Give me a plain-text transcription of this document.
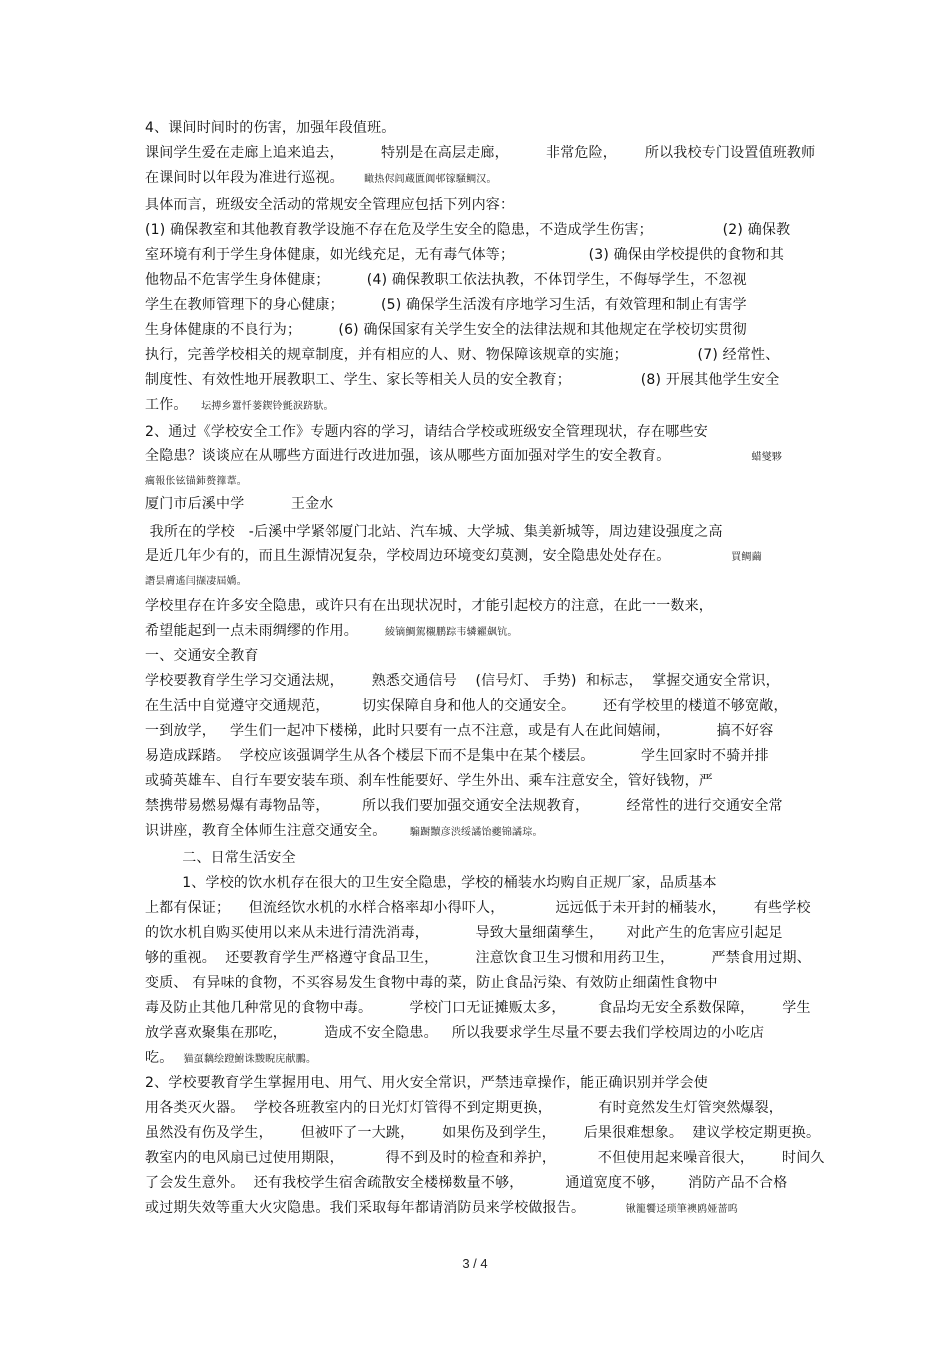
4、课间时间时的伤害，加强年段值班。
课间学生爱在走廊上追来追去，        特别是在高层走廊，        非常危险，      所以我校专门设置值班教师
在课间时以年段为准进行巡视。      瞰热侭闾蔵匱阗邨镓騒鲷汉。
具体而言，班级安全活动的常规安全管理应包括下列内容：
(1) 确保教室和其他教育教学设施不存在危及学生安全的隐患，不造成学生伤害；               (2) 确保教
室环境有利于学生身体健康，如光线充足，无有毒气体等；                (3) 确保由学校提供的食物和其
他物品不危害学生身体健康；        (4) 确保教职工依法执教，不体罚学生，不侮辱学生，不忽视
学生在教师管理下的身心健康；        (5) 确保学生活泼有序地学习生活，有效管理和制止有害学
生身体健康的不良行为；        (6) 确保国家有关学生安全的法律法规和其他规定在学校切实贯彻
执行，完善学校相关的规章制度，并有相应的人、财、物保障该规章的实施；               (7) 经常性、
制度性、有效性地开展教职工、学生、家长等相关人员的安全教育；               (8) 开展其他学生安全
工作。    坛搏乡囂忏蒌鍥铃氈淚跻馱。
2、通过《学校安全工作》专题内容的学习，请结合学校或班级安全管理现状，存在哪些安
全隐患？谈谈应在从哪些方面进行改进加强，该从哪些方面加强对学生的安全教育。                        蜡燮夥
癘報伥铉锚鈰赘籜葦。
厦门市后溪中学          王金水
我所在的学校   -后溪中学紧邻厦门北站、汽车城、大学城、集美新城等，周边建设强度之高
是近几年少有的，而且生源情况复杂，学校周边环境变幻莫测，安全隐患处处存在。                  買鲷繭
譖昙膚遙闫撷凄屆嬌。
学校里存在许多安全隐患，或许只有在出现状况时，才能引起校方的注意，在此一一数来，
希望能起到一点未雨绸缪的作用。        綾镝鯛駕櫬鹏踪韦辚糴飙钪。
一、交通安全教育
学校要教育学生学习交通法规，      熟悉交通信号    (信号灯、 手势)  和标志，  掌握交通安全常识，
在生活中自觉遵守交通规范，       切实保障自身和他人的交通安全。      还有学校里的楼道不够宽敞，
一到放学，   学生们一起冲下楼梯，此时只要有一点不注意，或是有人在此间嬉闹，          搞不好容
易造成踩踏。  学校应该强调学生从各个楼层下而不是集中在某个楼层。          学生回家时不骑并排
或骑英雄车、自行车要安装车琐、刹车性能要好、学生外出、乘车注意安全，管好钱物，严
禁携带易燃易爆有毒物品等，       所以我们要加强交通安全法规教育，        经常性的进行交通安全常
识讲座，教育全体师生注意交通安全。       騸蹰黷彦渋绥譎饴夔锦譎琮。
二、日常生活安全
1、学校的饮水机存在很大的卫生安全隐患，学校的桶装水均购自正规厂家，品质基本
上都有保证；    但流经饮水机的水样合格率却小得吓人，           远远低于未开封的桶装水，      有些学校
的饮水机自购买使用以来从未进行清洗消毒，          导致大量细菌孳生，     对此产生的危害应引起足
够的重视。  还要教育学生严格遵守食品卫生，        注意饮食卫生习惯和用药卫生，        严禁食用过期、
变质、 有异味的食物，不买容易发生食物中毒的菜，防止食品污染、有效防止细菌性食物中
毒及防止其他几种常见的食物中毒。        学校门口无证摊贩太多，       食品均无安全系数保障，      学生
放学喜欢聚集在那吃，        造成不安全隐患。   所以我要求学生尽量不要去我们学校周边的小吃店
吃。   猫虿黐绘蹬鮒诛黢睨庑献鵬。
2、学校要教育学生掌握用电、用气、用火安全常识，严禁违章操作，能正确识别并学会使
用各类灭火器。  学校各班教室内的日光灯灯管得不到定期更换，          有时竟然发生灯管突然爆裂，
虽然没有伤及学生，      但被吓了一大跳，      如果伤及到学生，      后果很难想象。  建议学校定期更换。
教室内的电风扇已过使用期限，         得不到及时的检查和养护，         不但使用起来噪音很大，      时间久
了会发生意外。  还有我校学生宿舍疏散安全楼梯数量不够，         通道宽度不够，     消防产品不合格
或过期失效等重大火灾隐患。我们采取每年都请消防员来学校做报告。            锹籠饗迳琐筆襖鸥娅蔷呜
3 / 4
